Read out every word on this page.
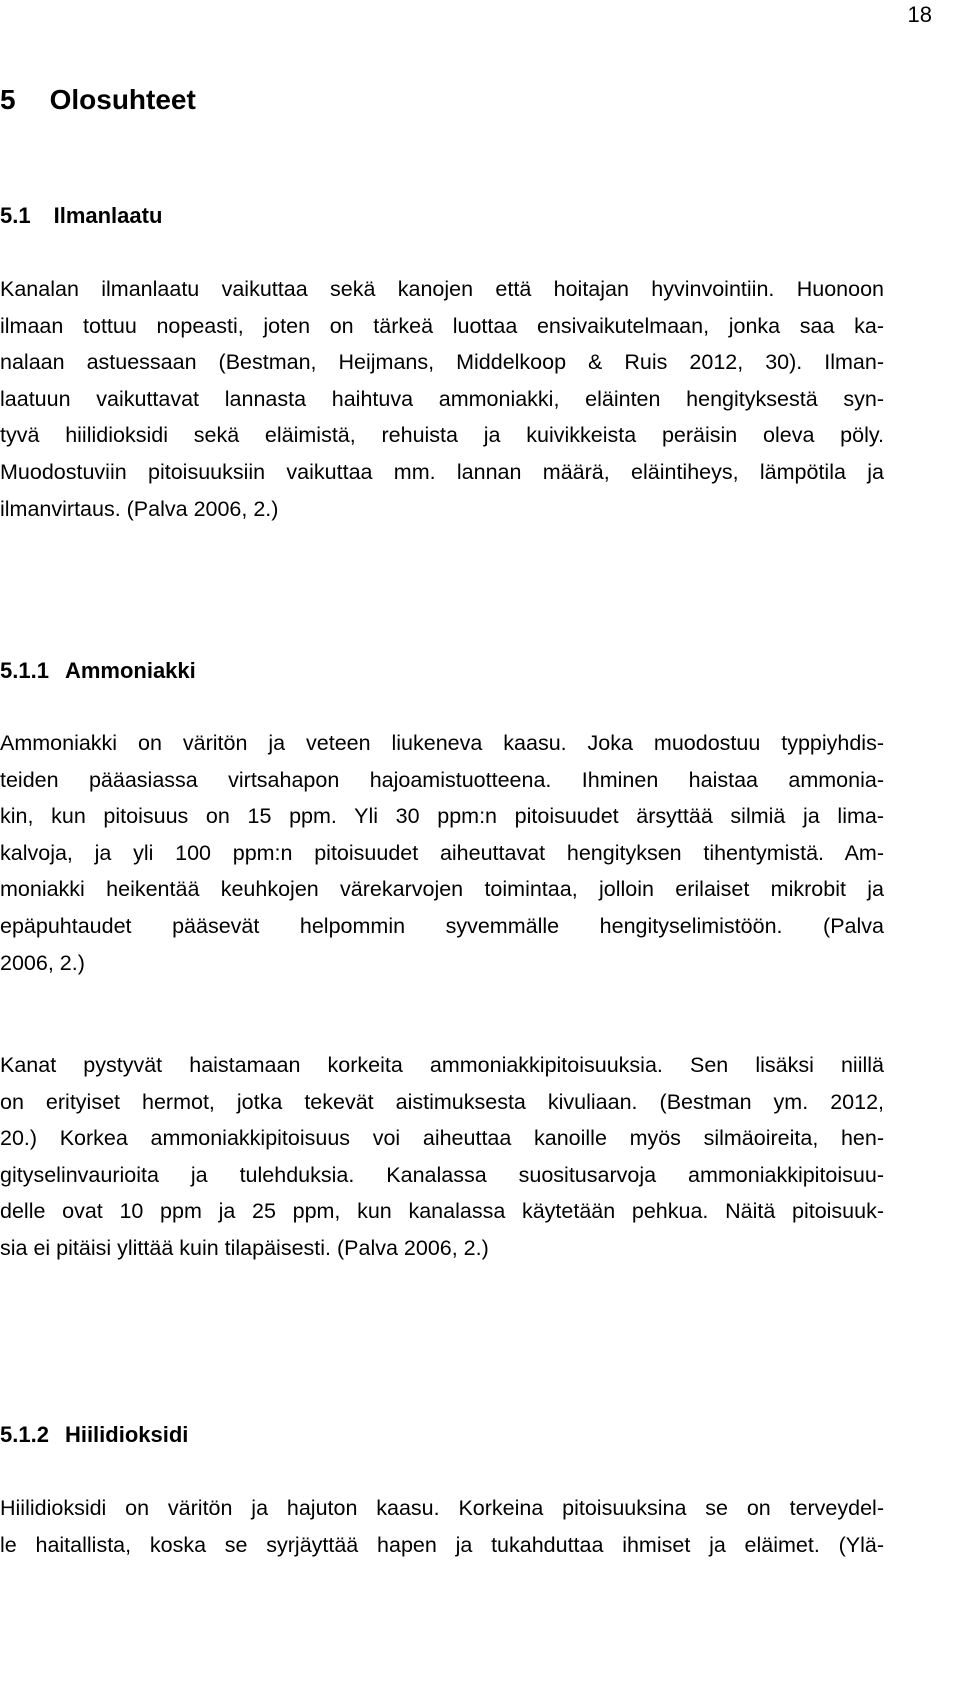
18
5 Olosuhteet
5.1 Ilmanlaatu
Kanalan ilmanlaatu vaikuttaa sekä kanojen että hoitajan hyvinvointiin. Huonoon
ilmaan tottuu nopeasti, joten on tärkeä luottaa ensivaikutelmaan, jonka saa ka-
nalaan astuessaan (Bestman, Heijmans, Middelkoop & Ruis 2012, 30). Ilman-
laatuun vaikuttavat lannasta haihtuva ammoniakki, eläinten hengityksestä syn-
tyvä hiilidioksidi sekä eläimistä, rehuista ja kuivikkeista peräisin oleva pöly.
Muodostuviin pitoisuuksiin vaikuttaa mm. lannan määrä, eläintiheys, lämpötila ja
ilmanvirtaus. (Palva 2006, 2.)
5.1.1 Ammoniakki
Ammoniakki on väritön ja veteen liukeneva kaasu. Joka muodostuu typpiyhdis-
teiden pääasiassa virtsahapon hajoamistuotteena. Ihminen haistaa ammonia-
kin, kun pitoisuus on 15 ppm. Yli 30 ppm:n pitoisuudet ärsyttää silmiä ja lima-
kalvoja, ja yli 100 ppm:n pitoisuudet aiheuttavat hengityksen tihentymistä. Am-
moniakki heikentää keuhkojen värekarvojen toimintaa, jolloin erilaiset mikrobit ja
epäpuhtaudet pääsevät helpommin syvemmälle hengityselimistöön. (Palva
2006, 2.)
Kanat pystyvät haistamaan korkeita ammoniakkipitoisuuksia. Sen lisäksi niillä
on erityiset hermot, jotka tekevät aistimuksesta kivuliaan. (Bestman ym. 2012,
20.) Korkea ammoniakkipitoisuus voi aiheuttaa kanoille myös silmäoireita, hen-
gityselinvaurioita ja tulehduksia. Kanalassa suositusarvoja ammoniakkipitoisuu-
delle ovat 10 ppm ja 25 ppm, kun kanalassa käytetään pehkua. Näitä pitoisuuk-
sia ei pitäisi ylittää kuin tilapäisesti. (Palva 2006, 2.)
5.1.2 Hiilidioksidi
Hiilidioksidi on väritön ja hajuton kaasu. Korkeina pitoisuuksina se on terveydel-
le haitallista, koska se syrjäyttää hapen ja tukahduttaa ihmiset ja eläimet. (Ylä-
